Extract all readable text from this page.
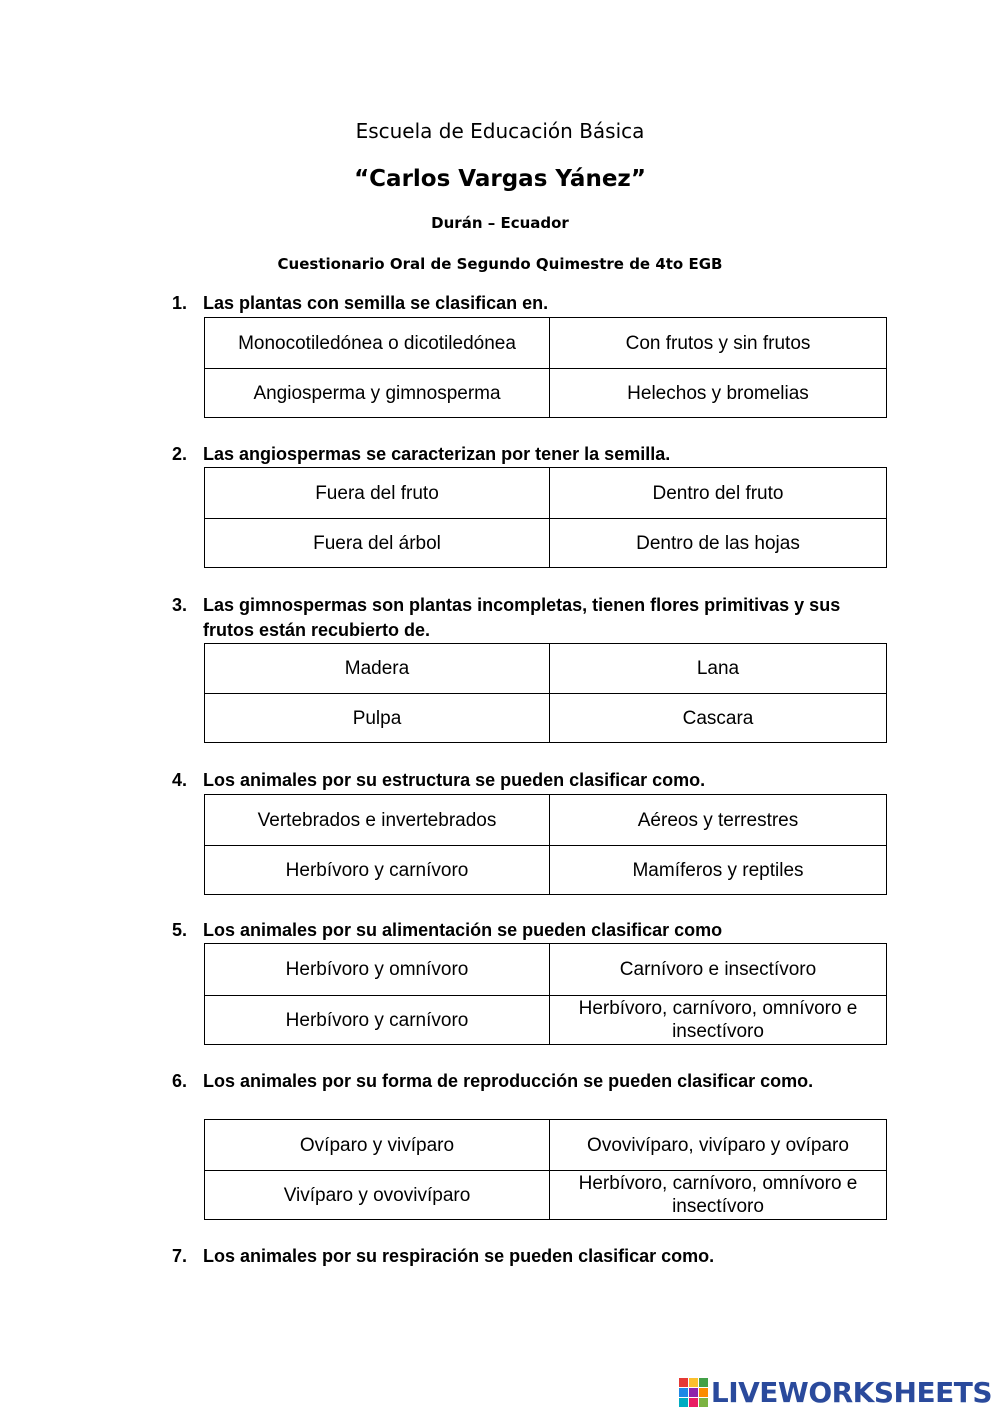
Escuela de Educación Básica
“Carlos Vargas Yánez”
Durán – Ecuador
Cuestionario Oral de Segundo Quimestre de 4to EGB
1. Las plantas con semilla se clasifican en.
Monocotiledónea o dicotiledónea	Con frutos y sin frutos
Angiosperma y gimnosperma	Helechos y bromelias
2. Las angiospermas se caracterizan por tener la semilla.
Fuera del fruto	Dentro del fruto
Fuera del árbol	Dentro de las hojas
3. Las gimnospermas son plantas incompletas, tienen flores primitivas y sus frutos están recubierto de.
Madera	Lana
Pulpa	Cascara
4. Los animales por su estructura se pueden clasificar como.
Vertebrados e invertebrados	Aéreos y terrestres
Herbívoro y carnívoro	Mamíferos y reptiles
5. Los animales por su alimentación se pueden clasificar como
Herbívoro y omnívoro	Carnívoro e insectívoro
Herbívoro y carnívoro	Herbívoro, carnívoro, omnívoro e insectívoro
6. Los animales por su forma de reproducción se pueden clasificar como.
Ovíparo y vivíparo	Ovovivíparo, vivíparo y ovíparo
Vivíparo y ovovivíparo	Herbívoro, carnívoro, omnívoro e insectívoro
7. Los animales por su respiración se pueden clasificar como.
LIVEWORKSHEETS
